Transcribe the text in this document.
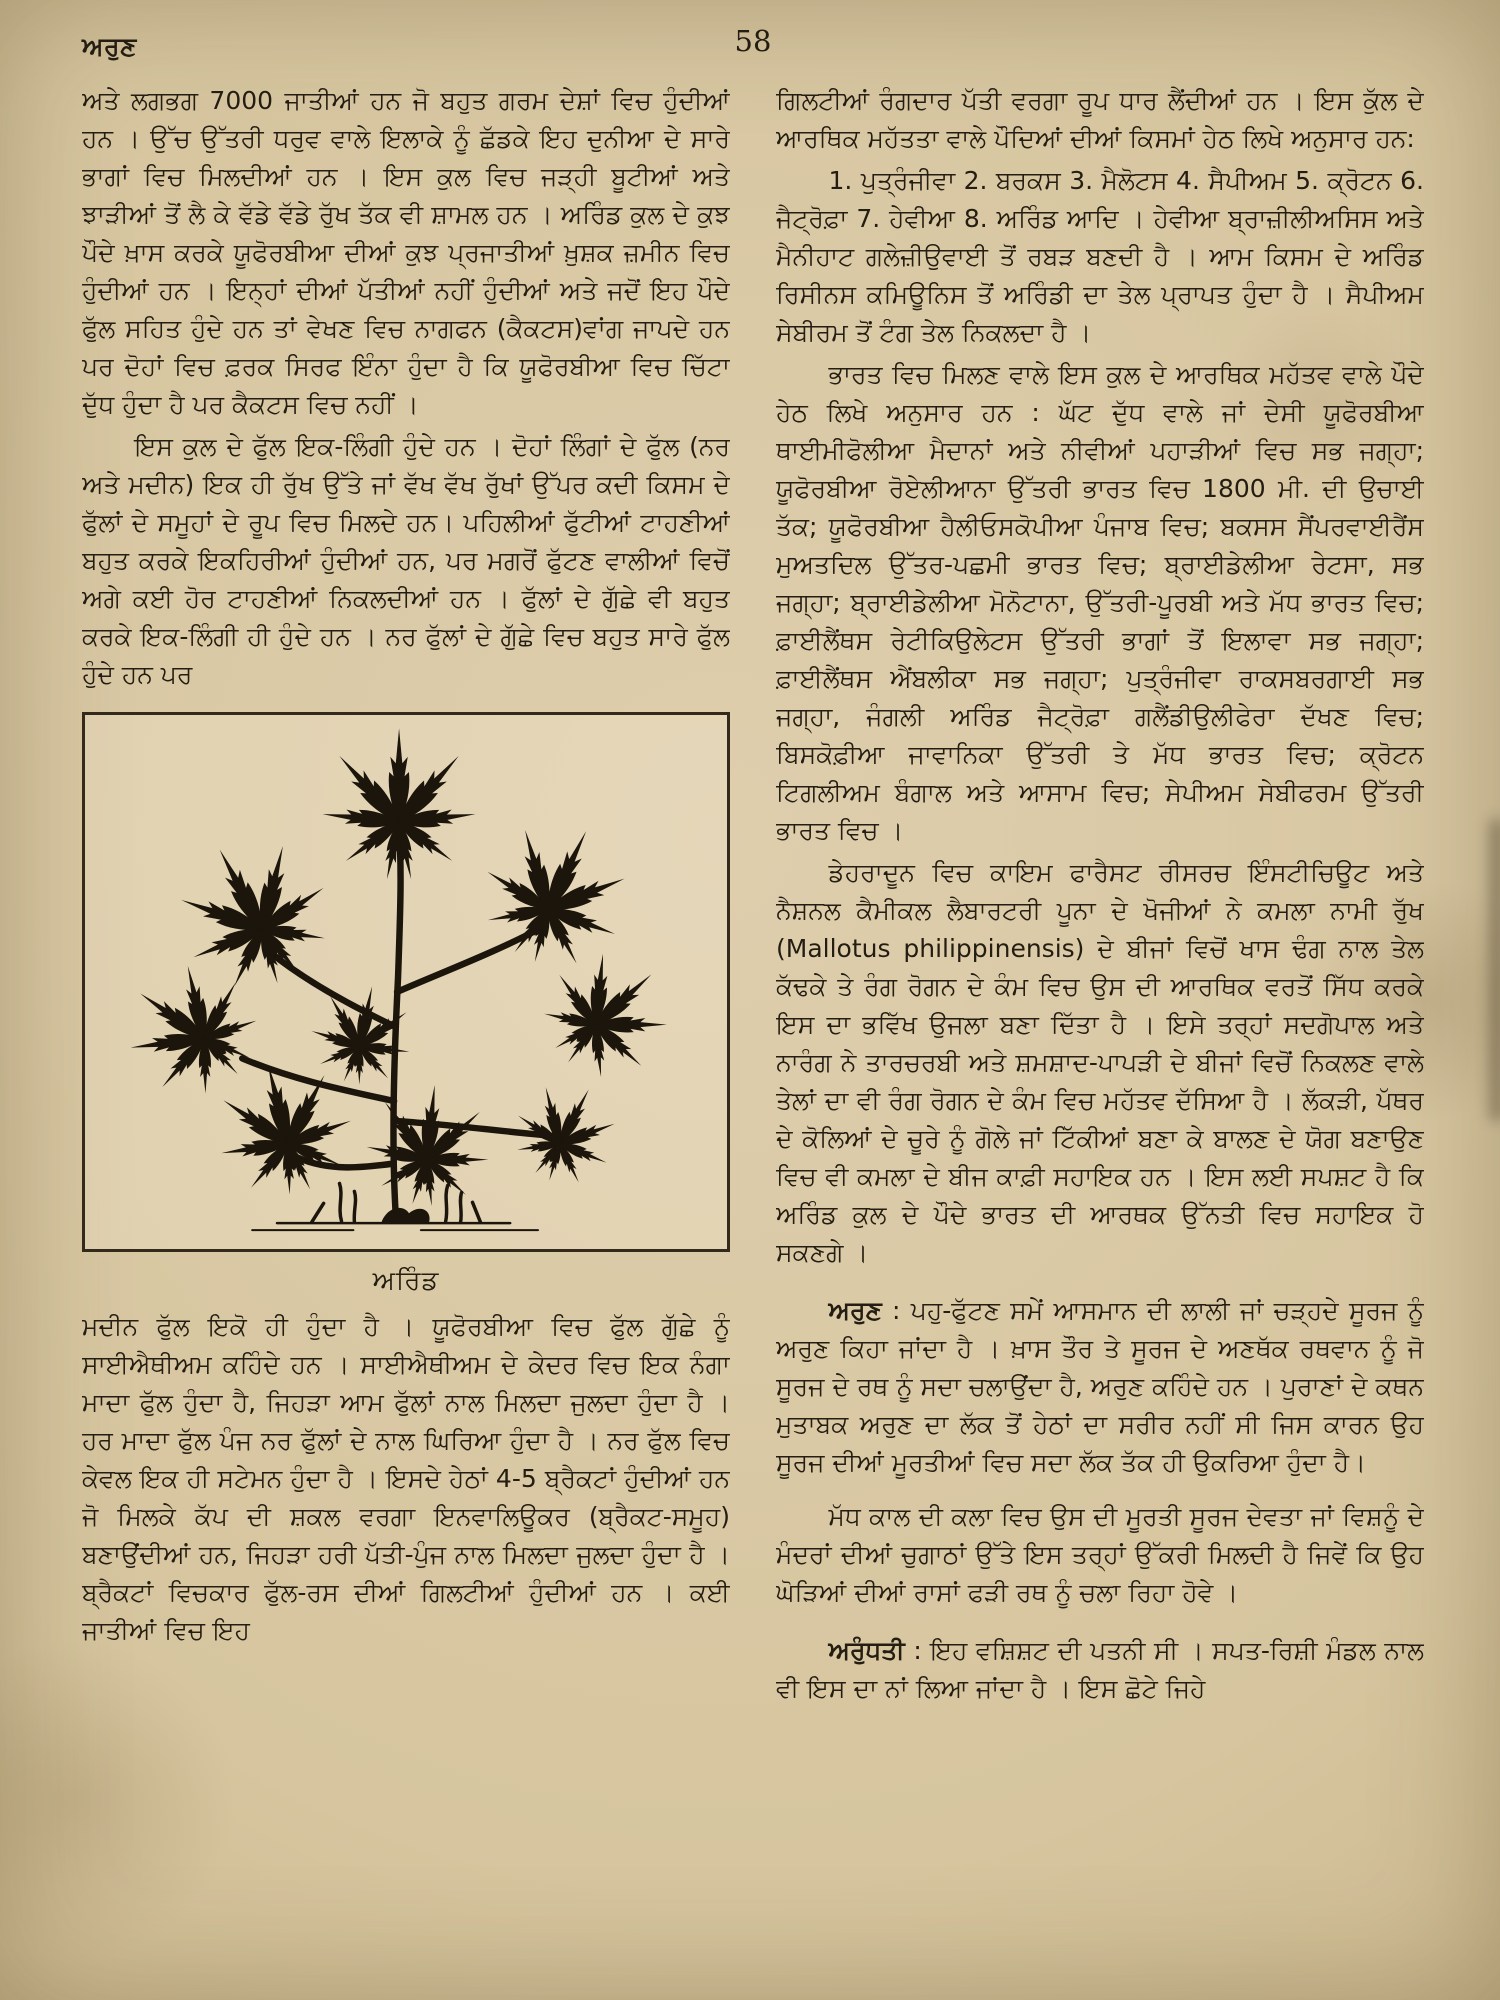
ਅਰੁਣ	58

ਅਤੇ ਲਗਭਗ 7000 ਜਾਤੀਆਂ ਹਨ ਜੋ ਬਹੁਤ ਗਰਮ ਦੇਸ਼ਾਂ ਵਿਚ ਹੁੰਦੀਆਂ ਹਨ । ਉੱਚ ਉੱਤਰੀ ਧਰੁਵ ਵਾਲੇ ਇਲਾਕੇ ਨੂੰ ਛੱਡਕੇ ਇਹ ਦੁਨੀਆ ਦੇ ਸਾਰੇ ਭਾਗਾਂ ਵਿਚ ਮਿਲਦੀਆਂ ਹਨ । ਇਸ ਕੁਲ ਵਿਚ ਜੜ੍ਹੀ ਬੂਟੀਆਂ ਅਤੇ ਝਾੜੀਆਂ ਤੋਂ ਲੈ ਕੇ ਵੱਡੇ ਵੱਡੇ ਰੁੱਖ ਤੱਕ ਵੀ ਸ਼ਾਮਲ ਹਨ । ਅਰਿੰਡ ਕੁਲ ਦੇ ਕੁਝ ਪੌਦੇ ਖ਼ਾਸ ਕਰਕੇ ਯੂਫੋਰਬੀਆ ਦੀਆਂ ਕੁਝ ਪ੍ਰਜਾਤੀਆਂ ਖ਼ੁਸ਼ਕ ਜ਼ਮੀਨ ਵਿਚ ਹੁੰਦੀਆਂ ਹਨ । ਇਨ੍ਹਾਂ ਦੀਆਂ ਪੱਤੀਆਂ ਨਹੀਂ ਹੁੰਦੀਆਂ ਅਤੇ ਜਦੋਂ ਇਹ ਪੌਦੇ ਫੁੱਲ ਸਹਿਤ ਹੁੰਦੇ ਹਨ ਤਾਂ ਵੇਖਣ ਵਿਚ ਨਾਗਫਨ (ਕੈਕਟਸ)ਵਾਂਗ ਜਾਪਦੇ ਹਨ ਪਰ ਦੋਹਾਂ ਵਿਚ ਫ਼ਰਕ ਸਿਰਫ ਇੰਨਾ ਹੁੰਦਾ ਹੈ ਕਿ ਯੂਫੋਰਬੀਆ ਵਿਚ ਚਿੱਟਾ ਦੁੱਧ ਹੁੰਦਾ ਹੈ ਪਰ ਕੈਕਟਸ ਵਿਚ ਨਹੀਂ ।

ਇਸ ਕੁਲ ਦੇ ਫੁੱਲ ਇਕ-ਲਿੰਗੀ ਹੁੰਦੇ ਹਨ । ਦੋਹਾਂ ਲਿੰਗਾਂ ਦੇ ਫੁੱਲ (ਨਰ ਅਤੇ ਮਦੀਨ) ਇਕ ਹੀ ਰੁੱਖ ਉੱਤੇ ਜਾਂ ਵੱਖ ਵੱਖ ਰੁੱਖਾਂ ਉੱਪਰ ਕਦੀ ਕਿਸਮ ਦੇ ਫੁੱਲਾਂ ਦੇ ਸਮੂਹਾਂ ਦੇ ਰੂਪ ਵਿਚ ਮਿਲਦੇ ਹਨ। ਪਹਿਲੀਆਂ ਫੁੱਟੀਆਂ ਟਾਹਣੀਆਂ ਬਹੁਤ ਕਰਕੇ ਇਕਹਿਰੀਆਂ ਹੁੰਦੀਆਂ ਹਨ, ਪਰ ਮਗਰੋਂ ਫੁੱਟਣ ਵਾਲੀਆਂ ਵਿਚੋਂ ਅਗੇ ਕਈ ਹੋਰ ਟਾਹਣੀਆਂ ਨਿਕਲਦੀਆਂ ਹਨ । ਫੁੱਲਾਂ ਦੇ ਗੁੱਛੇ ਵੀ ਬਹੁਤ ਕਰਕੇ ਇਕ-ਲਿੰਗੀ ਹੀ ਹੁੰਦੇ ਹਨ । ਨਰ ਫੁੱਲਾਂ ਦੇ ਗੁੱਛੇ ਵਿਚ ਬਹੁਤ ਸਾਰੇ ਫੁੱਲ ਹੁੰਦੇ ਹਨ ਪਰ

ਅਰਿੰਡ

ਮਦੀਨ ਫੁੱਲ ਇਕੋ ਹੀ ਹੁੰਦਾ ਹੈ । ਯੂਫੋਰਬੀਆ ਵਿਚ ਫੁੱਲ ਗੁੱਛੇ ਨੂੰ ਸਾਈਐਥੀਅਮ ਕਹਿੰਦੇ ਹਨ । ਸਾਈਐਥੀਅਮ ਦੇ ਕੇਦਰ ਵਿਚ ਇਕ ਨੰਗਾ ਮਾਦਾ ਫੁੱਲ ਹੁੰਦਾ ਹੈ, ਜਿਹੜਾ ਆਮ ਫੁੱਲਾਂ ਨਾਲ ਮਿਲਦਾ ਜੁਲਦਾ ਹੁੰਦਾ ਹੈ । ਹਰ ਮਾਦਾ ਫੁੱਲ ਪੰਜ ਨਰ ਫੁੱਲਾਂ ਦੇ ਨਾਲ ਘਿਰਿਆ ਹੁੰਦਾ ਹੈ । ਨਰ ਫੁੱਲ ਵਿਚ ਕੇਵਲ ਇਕ ਹੀ ਸਟੇਮਨ ਹੁੰਦਾ ਹੈ । ਇਸਦੇ ਹੇਠਾਂ 4-5 ਬ੍ਰੈਕਟਾਂ ਹੁੰਦੀਆਂ ਹਨ ਜੋ ਮਿਲਕੇ ਕੱਪ ਦੀ ਸ਼ਕਲ ਵਰਗਾ ਇਨਵਾਲਿਊਕਰ (ਬ੍ਰੈਕਟ-ਸਮੂਹ) ਬਣਾਉਂਦੀਆਂ ਹਨ, ਜਿਹੜਾ ਹਰੀ ਪੱਤੀ-ਪੁੰਜ ਨਾਲ ਮਿਲਦਾ ਜੁਲਦਾ ਹੁੰਦਾ ਹੈ । ਬ੍ਰੈਕਟਾਂ ਵਿਚਕਾਰ ਫੁੱਲ-ਰਸ ਦੀਆਂ ਗਿਲਟੀਆਂ ਹੁੰਦੀਆਂ ਹਨ । ਕਈ ਜਾਤੀਆਂ ਵਿਚ ਇਹ

ਗਿਲਟੀਆਂ ਰੰਗਦਾਰ ਪੱਤੀ ਵਰਗਾ ਰੂਪ ਧਾਰ ਲੈਂਦੀਆਂ ਹਨ । ਇਸ ਕੁੱਲ ਦੇ ਆਰਥਿਕ ਮਹੱਤਤਾ ਵਾਲੇ ਪੌਦਿਆਂ ਦੀਆਂ ਕਿਸਮਾਂ ਹੇਠ ਲਿਖੇ ਅਨੁਸਾਰ ਹਨ:

1. ਪੁਤ੍ਰੰਜੀਵਾ 2. ਬਰਕਸ 3. ਮੈਲੋਟਸ 4. ਸੈਪੀਅਮ 5. ਕ੍ਰੋਟਨ 6. ਜੈਟ੍ਰੋਫ਼ਾ 7. ਹੇਵੀਆ 8. ਅਰਿੰਡ ਆਦਿ । ਹੇਵੀਆ ਬ੍ਰਾਜ਼ੀਲੀਅਸਿਸ ਅਤੇ ਮੈਨੀਹਾਟ ਗਲੇਜ਼ੀਉਵਾਈ ਤੋਂ ਰਬੜ ਬਣਦੀ ਹੈ । ਆਮ ਕਿਸਮ ਦੇ ਅਰਿੰਡ ਰਿਸੀਨਸ ਕਮਿਊਨਿਸ ਤੋਂ ਅਰਿੰਡੀ ਦਾ ਤੇਲ ਪ੍ਰਾਪਤ ਹੁੰਦਾ ਹੈ । ਸੈਪੀਅਮ ਸੇਬੀਰਮ ਤੋਂ ਟੰਗ ਤੇਲ ਨਿਕਲਦਾ ਹੈ ।

ਭਾਰਤ ਵਿਚ ਮਿਲਣ ਵਾਲੇ ਇਸ ਕੁਲ ਦੇ ਆਰਥਿਕ ਮਹੱਤਵ ਵਾਲੇ ਪੌਦੇ ਹੇਠ ਲਿਖੇ ਅਨੁਸਾਰ ਹਨ : ਘੱਟ ਦੁੱਧ ਵਾਲੇ ਜਾਂ ਦੇਸੀ ਯੂਫੋਰਬੀਆ ਥਾਈਮੀਫੋਲੀਆ ਮੈਦਾਨਾਂ ਅਤੇ ਨੀਵੀਆਂ ਪਹਾੜੀਆਂ ਵਿਚ ਸਭ ਜਗ੍ਹਾ; ਯੂਫੋਰਬੀਆ ਰੋਏਲੀਆਨਾ ਉੱਤਰੀ ਭਾਰਤ ਵਿਚ 1800 ਮੀ. ਦੀ ਉਚਾਈ ਤੱਕ; ਯੂਫੋਰਬੀਆ ਹੈਲੀਓਸਕੋਪੀਆ ਪੰਜਾਬ ਵਿਚ; ਬਕਸਸ ਸੈਂਪਰਵਾਈਰੈਂਸ ਮੁਅਤਦਿਲ ਉੱਤਰ-ਪਛਮੀ ਭਾਰਤ ਵਿਚ; ਬ੍ਰਾਈਡੇਲੀਆ ਰੇਟਸਾ, ਸਭ ਜਗ੍ਹਾ; ਬ੍ਰਾਈਡੇਲੀਆ ਮੋਨੋਟਾਨਾ, ਉੱਤਰੀ-ਪੂਰਬੀ ਅਤੇ ਮੱਧ ਭਾਰਤ ਵਿਚ; ਫ਼ਾਈਲੈਂਥਸ ਰੇਟੀਕਿਉਲੇਟਸ ਉੱਤਰੀ ਭਾਗਾਂ ਤੋਂ ਇਲਾਵਾ ਸਭ ਜਗ੍ਹਾ; ਫ਼ਾਈਲੈਂਥਸ ਐਂਬਲੀਕਾ ਸਭ ਜਗ੍ਹਾ; ਪੁਤ੍ਰੰਜੀਵਾ ਰਾਕਸਬਰਗਾਈ ਸਭ ਜਗ੍ਹਾ, ਜੰਗਲੀ ਅਰਿੰਡ ਜੈਟ੍ਰੋਫ਼ਾ ਗਲੈਂਡੀਉਲੀਫੇਰਾ ਦੱਖਣ ਵਿਚ; ਬਿਸਕੋਫ਼ੀਆ ਜਾਵਾਨਿਕਾ ਉੱਤਰੀ ਤੇ ਮੱਧ ਭਾਰਤ ਵਿਚ; ਕ੍ਰੋਟਨ ਟਿਗਲੀਅਮ ਬੰਗਾਲ ਅਤੇ ਆਸਾਮ ਵਿਚ; ਸੇਪੀਅਮ ਸੇਬੀਫਰਮ ਉੱਤਰੀ ਭਾਰਤ ਵਿਚ ।

ਡੇਹਰਾਦੂਨ ਵਿਚ ਕਾਇਮ ਫਾਰੈਸਟ ਰੀਸਰਚ ਇੰਸਟੀਚਿਊਟ ਅਤੇ ਨੈਸ਼ਨਲ ਕੈਮੀਕਲ ਲੈਬਾਰਟਰੀ ਪੂਨਾ ਦੇ ਖੋਜੀਆਂ ਨੇ ਕਮਲਾ ਨਾਮੀ ਰੁੱਖ (Mallotus philippinensis) ਦੇ ਬੀਜਾਂ ਵਿਚੋਂ ਖਾਸ ਢੰਗ ਨਾਲ ਤੇਲ ਕੱਢਕੇ ਤੇ ਰੰਗ ਰੋਗਨ ਦੇ ਕੰਮ ਵਿਚ ਉਸ ਦੀ ਆਰਥਿਕ ਵਰਤੋਂ ਸਿੱਧ ਕਰਕੇ ਇਸ ਦਾ ਭਵਿੱਖ ਉਜਲਾ ਬਣਾ ਦਿੱਤਾ ਹੈ । ਇਸੇ ਤਰ੍ਹਾਂ ਸਦਗੋਪਾਲ ਅਤੇ ਨਾਰੰਗ ਨੇ ਤਾਰਚਰਬੀ ਅਤੇ ਸ਼ਮਸ਼ਾਦ-ਪਾਪੜੀ ਦੇ ਬੀਜਾਂ ਵਿਚੋਂ ਨਿਕਲਣ ਵਾਲੇ ਤੇਲਾਂ ਦਾ ਵੀ ਰੰਗ ਰੋਗਨ ਦੇ ਕੰਮ ਵਿਚ ਮਹੱਤਵ ਦੱਸਿਆ ਹੈ । ਲੱਕੜੀ, ਪੱਥਰ ਦੇ ਕੋਲਿਆਂ ਦੇ ਚੂਰੇ ਨੂੰ ਗੋਲੇ ਜਾਂ ਟਿੱਕੀਆਂ ਬਣਾ ਕੇ ਬਾਲਣ ਦੇ ਯੋਗ ਬਣਾਉਣ ਵਿਚ ਵੀ ਕਮਲਾ ਦੇ ਬੀਜ ਕਾਫ਼ੀ ਸਹਾਇਕ ਹਨ । ਇਸ ਲਈ ਸਪਸ਼ਟ ਹੈ ਕਿ ਅਰਿੰਡ ਕੁਲ ਦੇ ਪੌਦੇ ਭਾਰਤ ਦੀ ਆਰਥਕ ਉੱਨਤੀ ਵਿਚ ਸਹਾਇਕ ਹੋ ਸਕਣਗੇ ।

ਅਰੁਣ : ਪਹੁ-ਫੁੱਟਣ ਸਮੇਂ ਆਸਮਾਨ ਦੀ ਲਾਲੀ ਜਾਂ ਚੜ੍ਹਦੇ ਸੂਰਜ ਨੂੰ ਅਰੁਣ ਕਿਹਾ ਜਾਂਦਾ ਹੈ । ਖ਼ਾਸ ਤੌਰ ਤੇ ਸੂਰਜ ਦੇ ਅਣਥੱਕ ਰਥਵਾਨ ਨੂੰ ਜੋ ਸੂਰਜ ਦੇ ਰਥ ਨੂੰ ਸਦਾ ਚਲਾਉਂਦਾ ਹੈ, ਅਰੁਣ ਕਹਿੰਦੇ ਹਨ । ਪੁਰਾਣਾਂ ਦੇ ਕਥਨ ਮੁਤਾਬਕ ਅਰੁਣ ਦਾ ਲੱਕ ਤੋਂ ਹੇਠਾਂ ਦਾ ਸਰੀਰ ਨਹੀਂ ਸੀ ਜਿਸ ਕਾਰਨ ਉਹ ਸੂਰਜ ਦੀਆਂ ਮੂਰਤੀਆਂ ਵਿਚ ਸਦਾ ਲੱਕ ਤੱਕ ਹੀ ਉਕਰਿਆ ਹੁੰਦਾ ਹੈ।

ਮੱਧ ਕਾਲ ਦੀ ਕਲਾ ਵਿਚ ਉਸ ਦੀ ਮੂਰਤੀ ਸੂਰਜ ਦੇਵਤਾ ਜਾਂ ਵਿਸ਼ਨੂੰ ਦੇ ਮੰਦਰਾਂ ਦੀਆਂ ਚੁਗਾਠਾਂ ਉੱਤੇ ਇਸ ਤਰ੍ਹਾਂ ਉੱਕਰੀ ਮਿਲਦੀ ਹੈ ਜਿਵੇਂ ਕਿ ਉਹ ਘੋੜਿਆਂ ਦੀਆਂ ਰਾਸਾਂ ਫੜੀ ਰਥ ਨੂੰ ਚਲਾ ਰਿਹਾ ਹੋਵੇ ।

ਅਰੁੰਧਤੀ : ਇਹ ਵਸ਼ਿਸ਼ਟ ਦੀ ਪਤਨੀ ਸੀ । ਸਪਤ-ਰਿਸ਼ੀ ਮੰਡਲ ਨਾਲ ਵੀ ਇਸ ਦਾ ਨਾਂ ਲਿਆ ਜਾਂਦਾ ਹੈ । ਇਸ ਛੋਟੇ ਜਿਹੇ
